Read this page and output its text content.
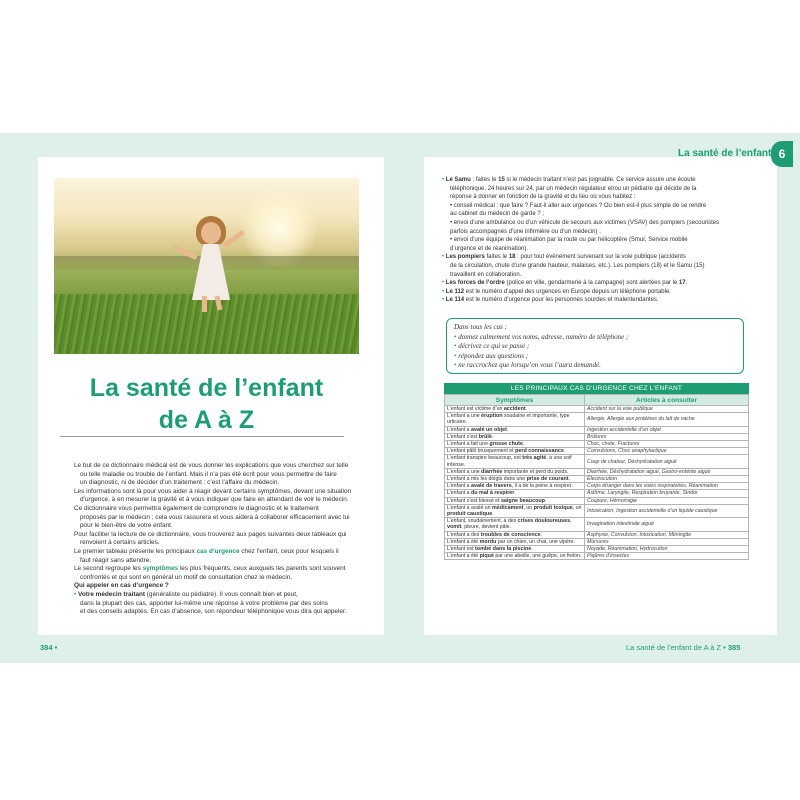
La santé de l’enfant
de A à Z

Le but de ce dictionnaire médical est de vous donner les explications que vous cherchez sur telle

ou telle maladie ou trouble de l’enfant. Mais il n’a pas été écrit pour vous permettre de faire

un diagnostic, ni de décider d’un traitement : c’est l’affaire du médecin.

Les informations sont là pour vous aider à réagir devant certains symptômes, devant une situation

d’urgence, à en mesurer la gravité et à vous indiquer que faire en attendant de voir le médecin.

Ce dictionnaire vous permettra également de comprendre le diagnostic et le traitement

proposés par le médecin ; cela vous rassurera et vous aidera à collaborer efficacement avec lui

pour le bien-être de votre enfant.

Pour faciliter la lecture de ce dictionnaire, vous trouverez aux pages suivantes deux tableaux qui

renvoient à certains articles.

Le premier tableau présente les principaux cas d’urgence chez l’enfant, ceux pour lesquels il

faut réagir sans attendre.

Le second regroupe les symptômes les plus fréquents, ceux auxquels les parents sont souvent

confrontés et qui sont en général un motif de consultation chez le médecin.

Qui appeler en cas d’urgence ?

• Votre médecin traitant (généraliste ou pédiatre). Il vous connaît bien et peut,

dans la plupart des cas, apporter lui-même une réponse à votre problème par des soins

et des conseils adaptés. En cas d’absence, son répondeur téléphonique vous dira qui appeler.

384 •
La santé de l’enfant 6

• Le Samu : faites le 15 si le médecin traitant n’est pas joignable. Ce service assure une écoute

téléphonique, 24 heures sur 24, par un médecin régulateur et/ou un pédiatre qui décide de la

réponse à donner en fonction de la gravité et du lieu où vous habitez :

• conseil médical : que faire ? Faut-il aller aux urgences ? Ou bien est-il plus simple de se rendre

au cabinet du médecin de garde ? ;

• envoi d’une ambulance ou d’un véhicule de secours aux victimes (VSAV) des pompiers (secouristes

parfois accompagnés d’une infirmière ou d’un médecin) ;

• envoi d’une équipe de réanimation par la route ou par hélicoptère (Smur, Service mobile

d’urgence et de réanimation).

• Les pompiers faites le 18 : pour tout événement survenant sur la voie publique (accidents

de la circulation, chute d’une grande hauteur, malaises, etc.). Les pompiers (18) et le Samu (15)

travaillent en collaboration.

• Les forces de l’ordre (police en ville, gendarmerie à la campagne) sont alertées par le 17.

• Le 112 est le numéro d’appel des urgences en Europe depuis un téléphone portable.

• Le 114 est le numéro d’urgence pour les personnes sourdes et malentendantes.

Dans tous les cas :
• donnez calmement vos noms, adresse, numéro de téléphone ;
• décrivez ce qui se passe ;
• répondez aux questions ;
• ne raccrochez que lorsqu’on vous l’aura demandé.
LES PRINCIPAUX CAS D’URGENCE CHEZ L’ENFANT
Symptômes	Articles à consulter
L’enfant est victime d’un accident.	Accident sur la voie publique
L’enfant a une éruption soudaine et importante, type urticaire.	Allergie, Allergie aux protéines du lait de vache
L’enfant a avalé un objet.	Ingestion accidentelle d’un objet
L’enfant s’est brûlé.	Brûlures
L’enfant a fait une grosse chute.	Choc, chute, Fractures
L’enfant pâlit brusquement et perd connaissance.	Convulsions, Choc anaphylactique
L’enfant transpire beaucoup, est très agité, a une soif intense.	Coup de chaleur, Déshydratation aiguë
L’enfant a une diarrhée importante et perd du poids.	Diarrhée, Déshydratation aiguë, Gastro-entérite aiguë
L’enfant a mis les doigts dans une prise de courant.	Électrocution
L’enfant a avalé de travers, il a de la peine à respirer.	Corps étranger dans les voies respiratoires, Réanimation
L’enfant a du mal à respirer.	Asthme, Laryngite, Respiration bruyante, Stridor
L’enfant s’est blessé et saigne beaucoup.	Coupure, Hémorragie
L’enfant a avalé un médicament, un produit toxique, un produit caustique.	Intoxication, Ingestion accidentelle d’un liquide caustique
L’enfant, soudainement, a des crises douloureuses, vomit, pleure, devient pâle.	Invagination intestinale aiguë
L’enfant a des troubles de conscience.	Asphyxie, Convulsion, Intoxication, Méningite
L’enfant a été mordu par un chien, un chat, une vipère.	Morsures
L’enfant est tombé dans la piscine.	Noyade, Réanimation, Hydrocution
L’enfant a été piqué par une abeille, une guêpe, un frelon.	Piqûres d’insectes
La santé de l’enfant de A à Z • 385
